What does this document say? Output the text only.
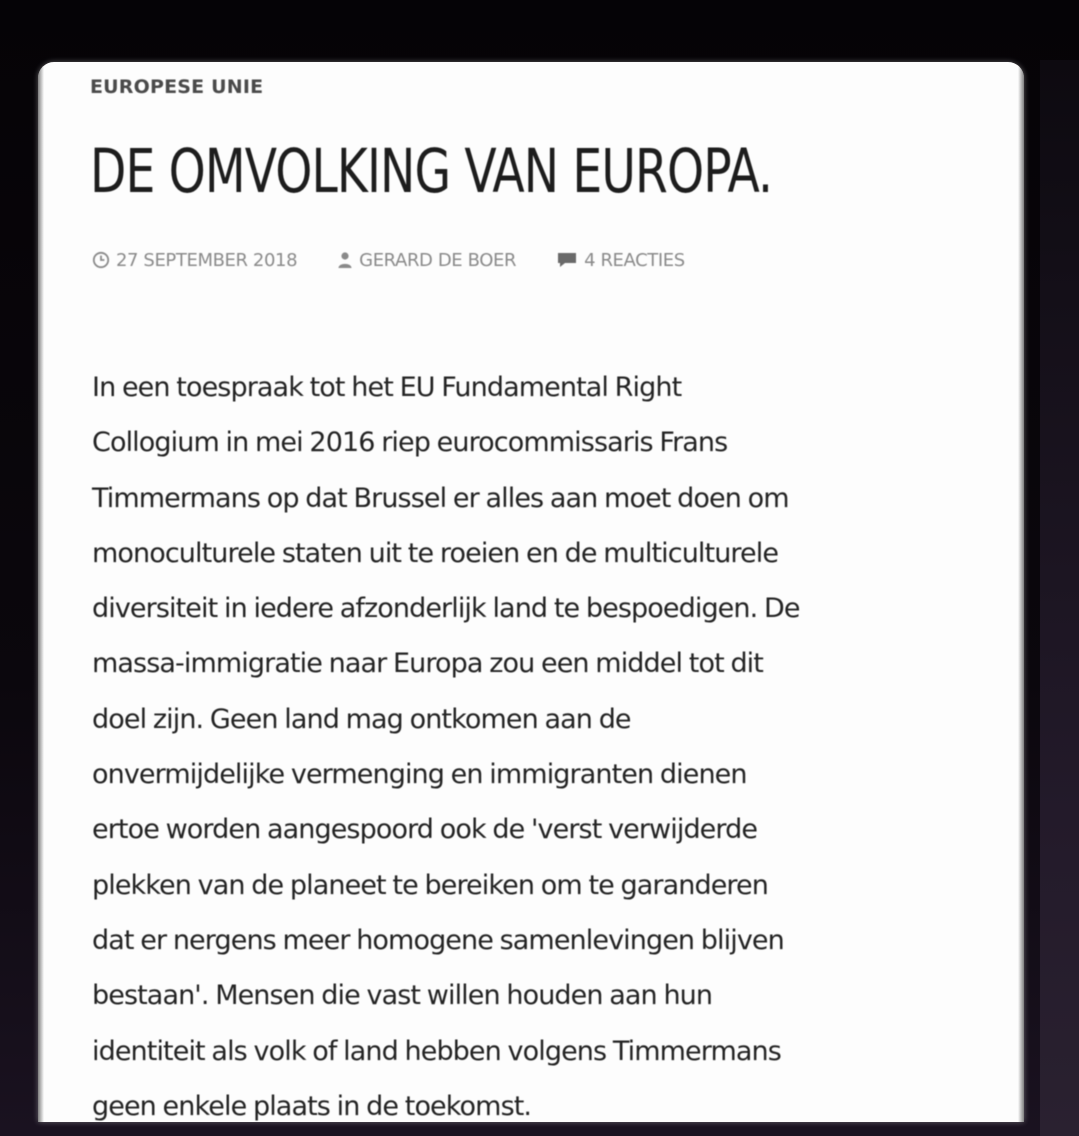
EUROPESE UNIE
DE OMVOLKING VAN EUROPA.
27 SEPTEMBER 2018	GERARD DE BOER	4 REACTIES
In een toespraak tot het EU Fundamental Right
Collogium in mei 2016 riep eurocommissaris Frans
Timmermans op dat Brussel er alles aan moet doen om
monoculturele staten uit te roeien en de multiculturele
diversiteit in iedere afzonderlijk land te bespoedigen. De
massa-immigratie naar Europa zou een middel tot dit
doel zijn. Geen land mag ontkomen aan de
onvermijdelijke vermenging en immigranten dienen
ertoe worden aangespoord ook de 'verst verwijderde
plekken van de planeet te bereiken om te garanderen
dat er nergens meer homogene samenlevingen blijven
bestaan'. Mensen die vast willen houden aan hun
identiteit als volk of land hebben volgens Timmermans
geen enkele plaats in de toekomst.
